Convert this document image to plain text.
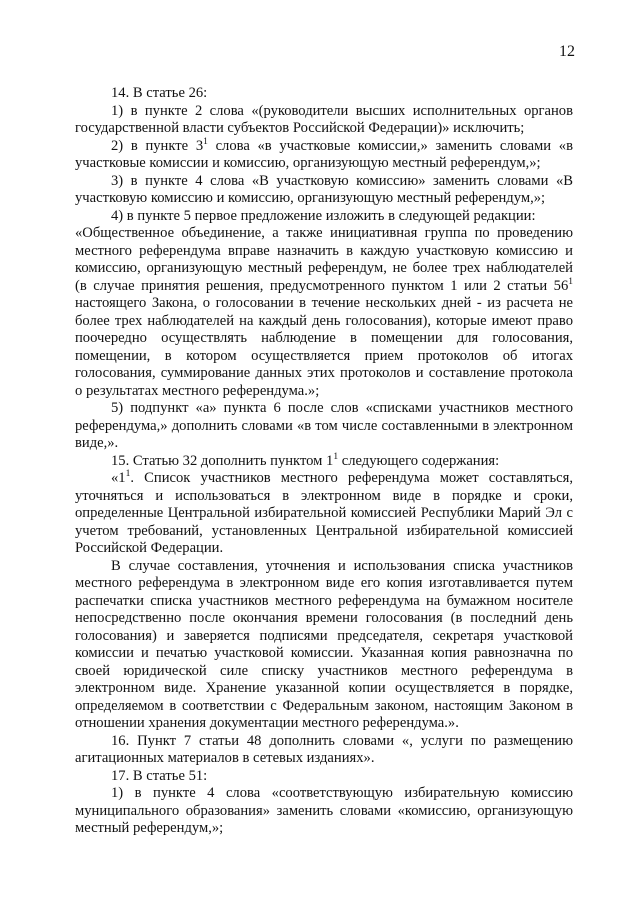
12

14. В статье 26:

1) в пункте 2 слова «(руководители высших исполнительных органов государственной власти субъектов Российской Федерации)» исключить;

2) в пункте $3^1$ слова «в участковые комиссии,» заменить словами «в участковые комиссии и комиссию, организующую местный референдум,»;

3) в пункте 4 слова «В участковую комиссию» заменить словами «В участковую комиссию и комиссию, организующую местный референдум,»;

4) в пункте 5 первое предложение изложить в следующей редакции:

«Общественное объединение, а также инициативная группа по проведению местного референдума вправе назначить в каждую участковую комиссию и комиссию, организующую местный референдум, не более трех наблюдателей (в случае принятия решения, предусмотренного пунктом 1 или 2 статьи $56^1$ настоящего Закона, о голосовании в течение нескольких дней - из расчета не более трех наблюдателей на каждый день голосования), которые имеют право поочередно осуществлять наблюдение в помещении для голосования, помещении, в котором осуществляется прием протоколов об итогах голосования, суммирование данных этих протоколов и составление протокола о результатах местного референдума.»;

5) подпункт «а» пункта 6 после слов «списками участников местного референдума,» дополнить словами «в том числе составленными в электронном виде,».

15. Статью 32 дополнить пунктом $1^1$ следующего содержания:

«$1^1$. Список участников местного референдума может составляться, уточняться и использоваться в электронном виде в порядке и сроки, определенные Центральной избирательной комиссией Республики Марий Эл с учетом требований, установленных Центральной избирательной комиссией Российской Федерации.

В случае составления, уточнения и использования списка участников местного референдума в электронном виде его копия изготавливается путем распечатки списка участников местного референдума на бумажном носителе непосредственно после окончания времени голосования (в последний день голосования) и заверяется подписями председателя, секретаря участковой комиссии и печатью участковой комиссии. Указанная копия равнозначна по своей юридической силе списку участников местного референдума в электронном виде. Хранение указанной копии осуществляется в порядке, определяемом в соответствии с Федеральным законом, настоящим Законом в отношении хранения документации местного референдума.».

16. Пункт 7 статьи 48 дополнить словами «, услуги по размещению агитационных материалов в сетевых изданиях».

17. В статье 51:

1) в пункте 4 слова «соответствующую избирательную комиссию муниципального образования» заменить словами «комиссию, организующую местный референдум,»;
